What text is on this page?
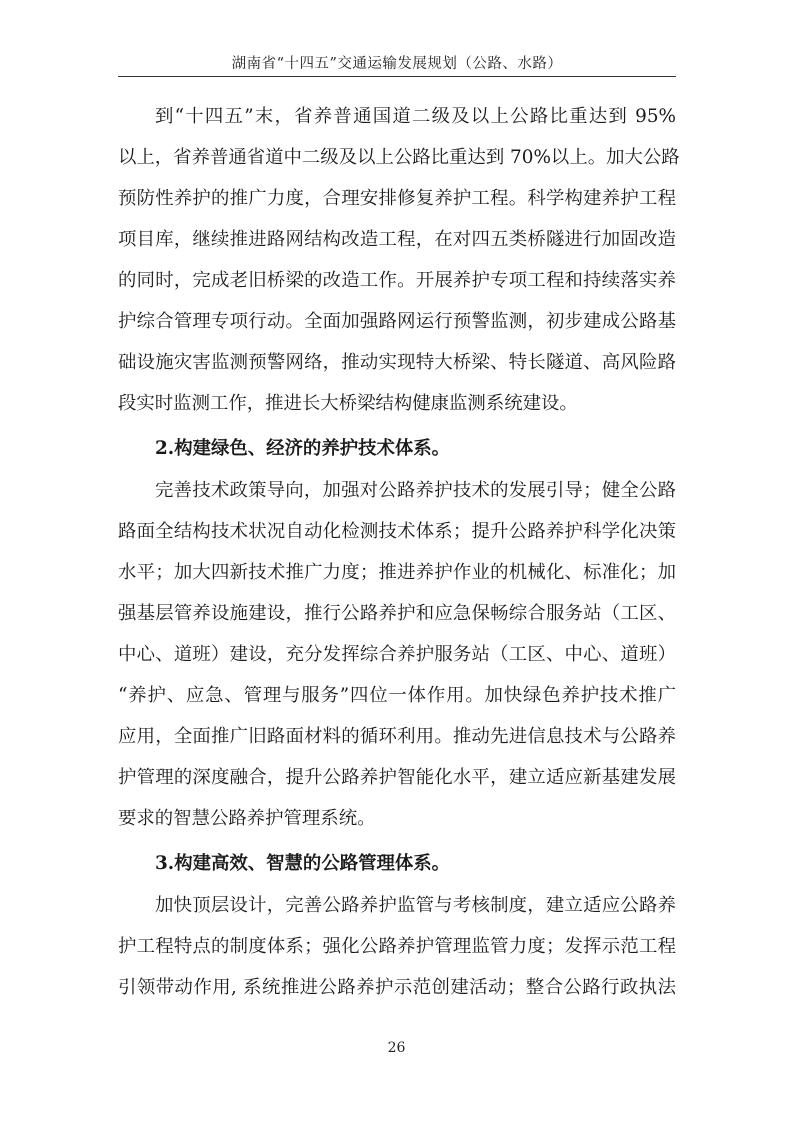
湖南省“十四五”交通运输发展规划（公路、水路）
到“十四五”末，省养普通国道二级及以上公路比重达到 95%
以上，省养普通省道中二级及以上公路比重达到 70%以上。加大公路
预防性养护的推广力度，合理安排修复养护工程。科学构建养护工程
项目库，继续推进路网结构改造工程，在对四五类桥隧进行加固改造
的同时，完成老旧桥梁的改造工作。开展养护专项工程和持续落实养
护综合管理专项行动。全面加强路网运行预警监测，初步建成公路基
础设施灾害监测预警网络，推动实现特大桥梁、特长隧道、高风险路
段实时监测工作，推进长大桥梁结构健康监测系统建设。
2.构建绿色、经济的养护技术体系。
完善技术政策导向，加强对公路养护技术的发展引导；健全公路
路面全结构技术状况自动化检测技术体系；提升公路养护科学化决策
水平；加大四新技术推广力度；推进养护作业的机械化、标准化；加
强基层管养设施建设，推行公路养护和应急保畅综合服务站（工区、
中心、道班）建设，充分发挥综合养护服务站（工区、中心、道班）
“养护、应急、管理与服务”四位一体作用。加快绿色养护技术推广
应用，全面推广旧路面材料的循环利用。推动先进信息技术与公路养
护管理的深度融合，提升公路养护智能化水平，建立适应新基建发展
要求的智慧公路养护管理系统。
3.构建高效、智慧的公路管理体系。
加快顶层设计，完善公路养护监管与考核制度，建立适应公路养
护工程特点的制度体系；强化公路养护管理监管力度；发挥示范工程
引领带动作用, 系统推进公路养护示范创建活动；整合公路行政执法
26
